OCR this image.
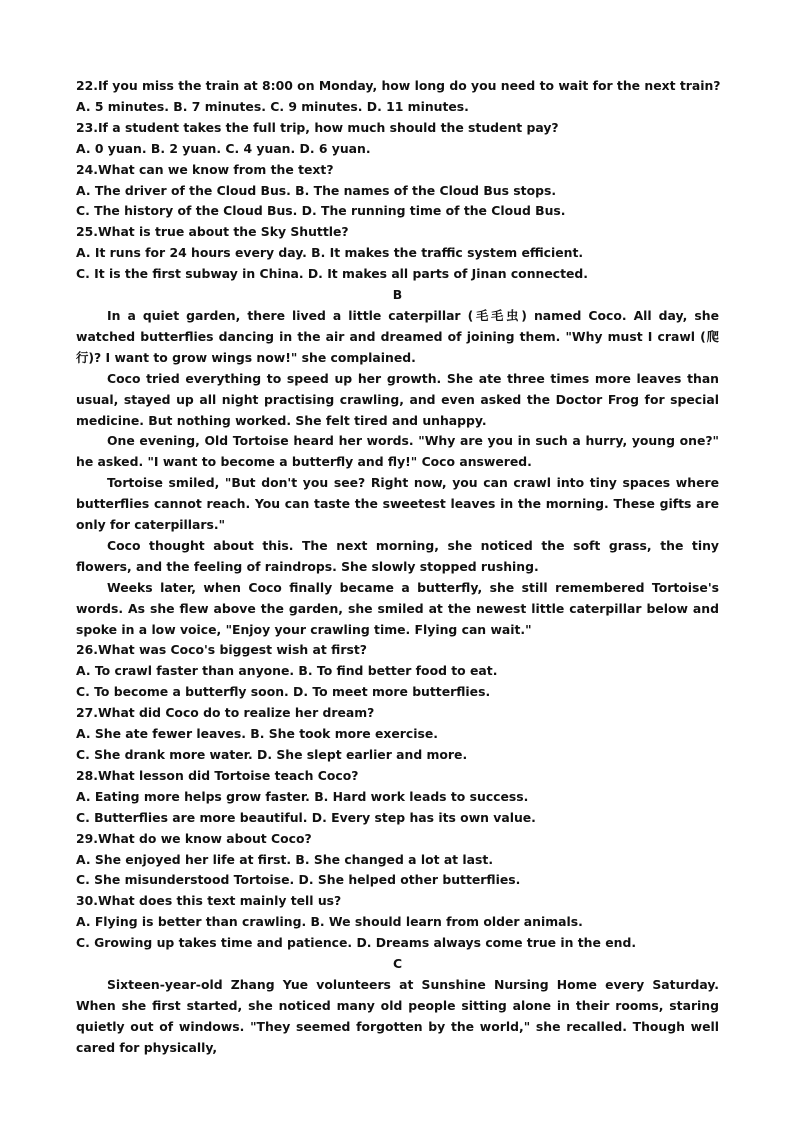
22.If you miss the train at 8:00 on Monday, how long do you need to wait for the next train?

A. 5 minutes. B. 7 minutes. C. 9 minutes. D. 11 minutes.

23.If a student takes the full trip, how much should the student pay?

A. 0 yuan. B. 2 yuan. C. 4 yuan. D. 6 yuan.

24.What can we know from the text?

A. The driver of the Cloud Bus. B. The names of the Cloud Bus stops.

C. The history of the Cloud Bus. D. The running time of the Cloud Bus.

25.What is true about the Sky Shuttle?

A. It runs for 24 hours every day. B. It makes the traffic system efficient.

C. It is the first subway in China. D. It makes all parts of Jinan connected.

B

In a quiet garden, there lived a little caterpillar (毛毛虫) named Coco. All day, she watched butterflies dancing in the air and dreamed of joining them. "Why must I crawl (爬行)? I want to grow wings now!" she complained.

Coco tried everything to speed up her growth. She ate three times more leaves than usual, stayed up all night practising crawling, and even asked the Doctor Frog for special medicine. But nothing worked. She felt tired and unhappy.

One evening, Old Tortoise heard her words. "Why are you in such a hurry, young one?" he asked. "I want to become a butterfly and fly!" Coco answered.

Tortoise smiled, "But don't you see? Right now, you can crawl into tiny spaces where butterflies cannot reach. You can taste the sweetest leaves in the morning. These gifts are only for caterpillars."

Coco thought about this. The next morning, she noticed the soft grass, the tiny flowers, and the feeling of raindrops. She slowly stopped rushing.

Weeks later, when Coco finally became a butterfly, she still remembered Tortoise's words. As she flew above the garden, she smiled at the newest little caterpillar below and spoke in a low voice, "Enjoy your crawling time. Flying can wait."

26.What was Coco's biggest wish at first?

A. To crawl faster than anyone. B. To find better food to eat.

C. To become a butterfly soon. D. To meet more butterflies.

27.What did Coco do to realize her dream?

A. She ate fewer leaves. B. She took more exercise.

C. She drank more water. D. She slept earlier and more.

28.What lesson did Tortoise teach Coco?

A. Eating more helps grow faster. B. Hard work leads to success.

C. Butterflies are more beautiful. D. Every step has its own value.

29.What do we know about Coco?

A. She enjoyed her life at first. B. She changed a lot at last.

C. She misunderstood Tortoise. D. She helped other butterflies.

30.What does this text mainly tell us?

A. Flying is better than crawling. B. We should learn from older animals.

C. Growing up takes time and patience. D. Dreams always come true in the end.

C

Sixteen-year-old Zhang Yue volunteers at Sunshine Nursing Home every Saturday. When she first started, she noticed many old people sitting alone in their rooms, staring quietly out of windows. "They seemed forgotten by the world," she recalled. Though well cared for physically,
